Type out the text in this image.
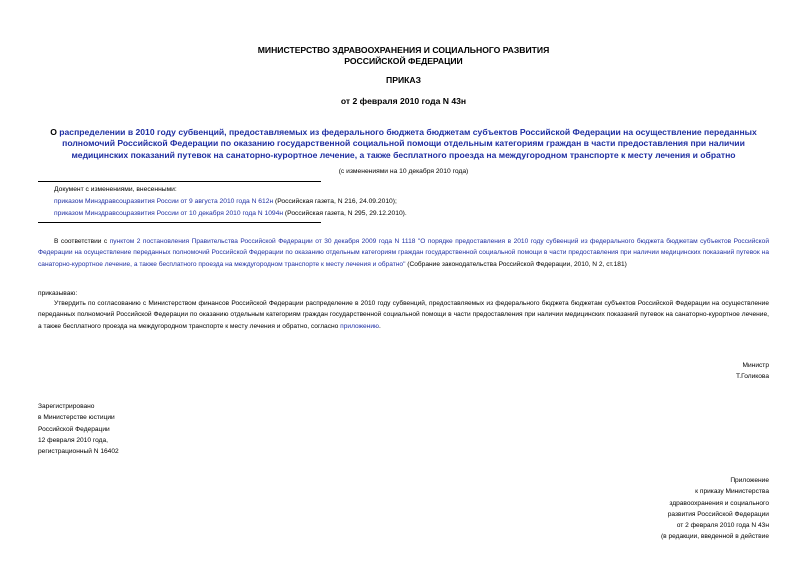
МИНИСТЕРСТВО ЗДРАВООХРАНЕНИЯ И СОЦИАЛЬНОГО РАЗВИТИЯ
РОССИЙСКОЙ ФЕДЕРАЦИИ
ПРИКАЗ
от 2 февраля 2010 года N 43н
О распределении в 2010 году субвенций, предоставляемых из федерального бюджета бюджетам субъектов Российской Федерации на осуществление переданных полномочий Российской Федерации по оказанию государственной социальной помощи отдельным категориям граждан в части предоставления при наличии медицинских показаний путевок на санаторно-курортное лечение, а также бесплатного проезда на междугородном транспорте к месту лечения и обратно
(с изменениями на 10 декабря 2010 года)
Документ с изменениями, внесенными:
приказом Минздравсоцразвития России от 9 августа 2010 года N 612н (Российская газета, N 216, 24.09.2010);
приказом Минздравсоцразвития России от 10 декабря 2010 года N 1094н (Российская газета, N 295, 29.12.2010).
В соответствии с пунктом 2 постановления Правительства Российской Федерации от 30 декабря 2009 года N 1118 "О порядке предоставления в 2010 году субвенций из федерального бюджета бюджетам субъектов Российской Федерации на осуществление переданных полномочий Российской Федерации по оказанию отдельным категориям граждан государственной социальной помощи в части предоставления при наличии медицинских показаний путевок на санаторно-курортное лечение, а также бесплатного проезда на междугородном транспорте к месту лечения и обратно" (Собрание законодательства Российской Федерации, 2010, N 2, ст.181)
приказываю:
Утвердить по согласованию с Министерством финансов Российской Федерации распределение в 2010 году субвенций, предоставляемых из федерального бюджета бюджетам субъектов Российской Федерации на осуществление переданных полномочий Российской Федерации по оказанию отдельным категориям граждан государственной социальной помощи в части предоставления при наличии медицинских показаний путевок на санаторно-курортное лечение, а также бесплатного проезда на междугородном транспорте к месту лечения и обратно, согласно приложению.
Министр
Т.Голикова
Зарегистрировано
в Министерстве юстиции
Российской Федерации
12 февраля 2010 года,
регистрационный N 16402
Приложение
к приказу Министерства
здравоохранения и социального
развития Российской Федерации
от 2 февраля 2010 года N 43н
(в редакции, введенной в действие
